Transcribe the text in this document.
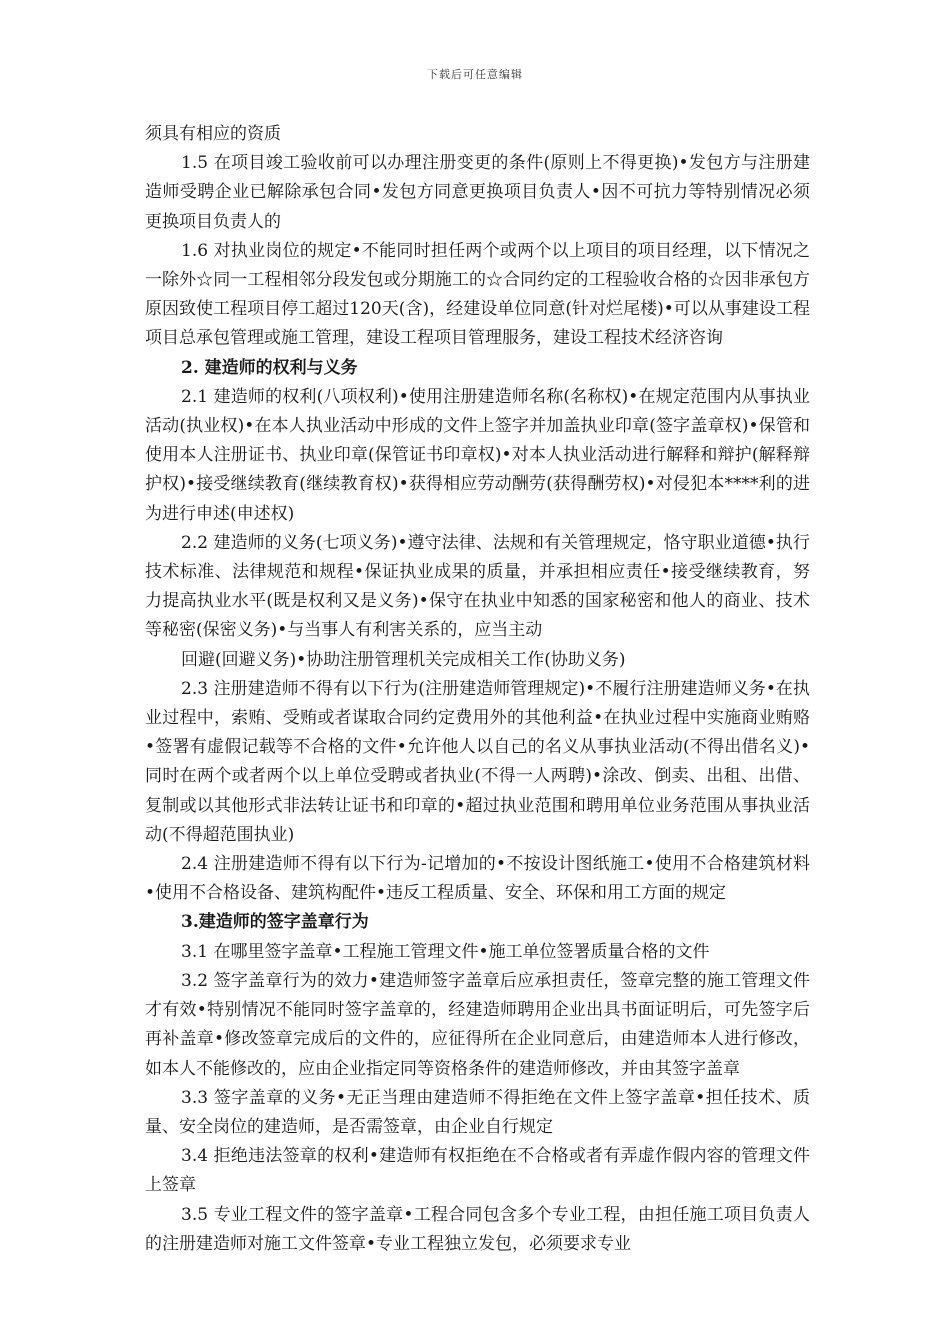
下载后可任意编辑

须具有相应的资质

1.5 在项目竣工验收前可以办理注册变更的条件(原则上不得更换)•发包方与注册建造师受聘企业已解除承包合同•发包方同意更换项目负责人•因不可抗力等特别情况必须更换项目负责人的

1.6 对执业岗位的规定•不能同时担任两个或两个以上项目的项目经理，以下情况之一除外☆同一工程相邻分段发包或分期施工的☆合同约定的工程验收合格的☆因非承包方原因致使工程项目停工超过120天(含)，经建设单位同意(针对烂尾楼)•可以从事建设工程项目总承包管理或施工管理，建设工程项目管理服务，建设工程技术经济咨询

2. 建造师的权利与义务

2.1 建造师的权利(八项权利)•使用注册建造师名称(名称权)•在规定范围内从事执业活动(执业权)•在本人执业活动中形成的文件上签字并加盖执业印章(签字盖章权)•保管和使用本人注册证书、执业印章(保管证书印章权)•对本人执业活动进行解释和辩护(解释辩护权)•接受继续教育(继续教育权)•获得相应劳动酬劳(获得酬劳权)•对侵犯本****利的进为进行申述(申述权)

2.2 建造师的义务(七项义务)•遵守法律、法规和有关管理规定，恪守职业道德•执行技术标准、法律规范和规程•保证执业成果的质量，并承担相应责任•接受继续教育，努力提高执业水平(既是权利又是义务)•保守在执业中知悉的国家秘密和他人的商业、技术等秘密(保密义务)•与当事人有利害关系的，应当主动

回避(回避义务)•协助注册管理机关完成相关工作(协助义务)

2.3 注册建造师不得有以下行为(注册建造师管理规定)•不履行注册建造师义务•在执业过程中，索贿、受贿或者谋取合同约定费用外的其他利益•在执业过程中实施商业贿赂•签署有虚假记载等不合格的文件•允许他人以自己的名义从事执业活动(不得出借名义)•同时在两个或者两个以上单位受聘或者执业(不得一人两聘)•涂改、倒卖、出租、出借、复制或以其他形式非法转让证书和印章的•超过执业范围和聘用单位业务范围从事执业活动(不得超范围执业)

2.4 注册建造师不得有以下行为-记增加的•不按设计图纸施工•使用不合格建筑材料•使用不合格设备、建筑构配件•违反工程质量、安全、环保和用工方面的规定

3.建造师的签字盖章行为

3.1 在哪里签字盖章•工程施工管理文件•施工单位签署质量合格的文件

3.2 签字盖章行为的效力•建造师签字盖章后应承担责任，签章完整的施工管理文件才有效•特别情况不能同时签字盖章的，经建造师聘用企业出具书面证明后，可先签字后再补盖章•修改签章完成后的文件的，应征得所在企业同意后，由建造师本人进行修改，如本人不能修改的，应由企业指定同等资格条件的建造师修改，并由其签字盖章

3.3 签字盖章的义务•无正当理由建造师不得拒绝在文件上签字盖章•担任技术、质量、安全岗位的建造师，是否需签章，由企业自行规定

3.4 拒绝违法签章的权利•建造师有权拒绝在不合格或者有弄虚作假内容的管理文件上签章

3.5 专业工程文件的签字盖章•工程合同包含多个专业工程，由担任施工项目负责人的注册建造师对施工文件签章•专业工程独立发包，必须要求专业
